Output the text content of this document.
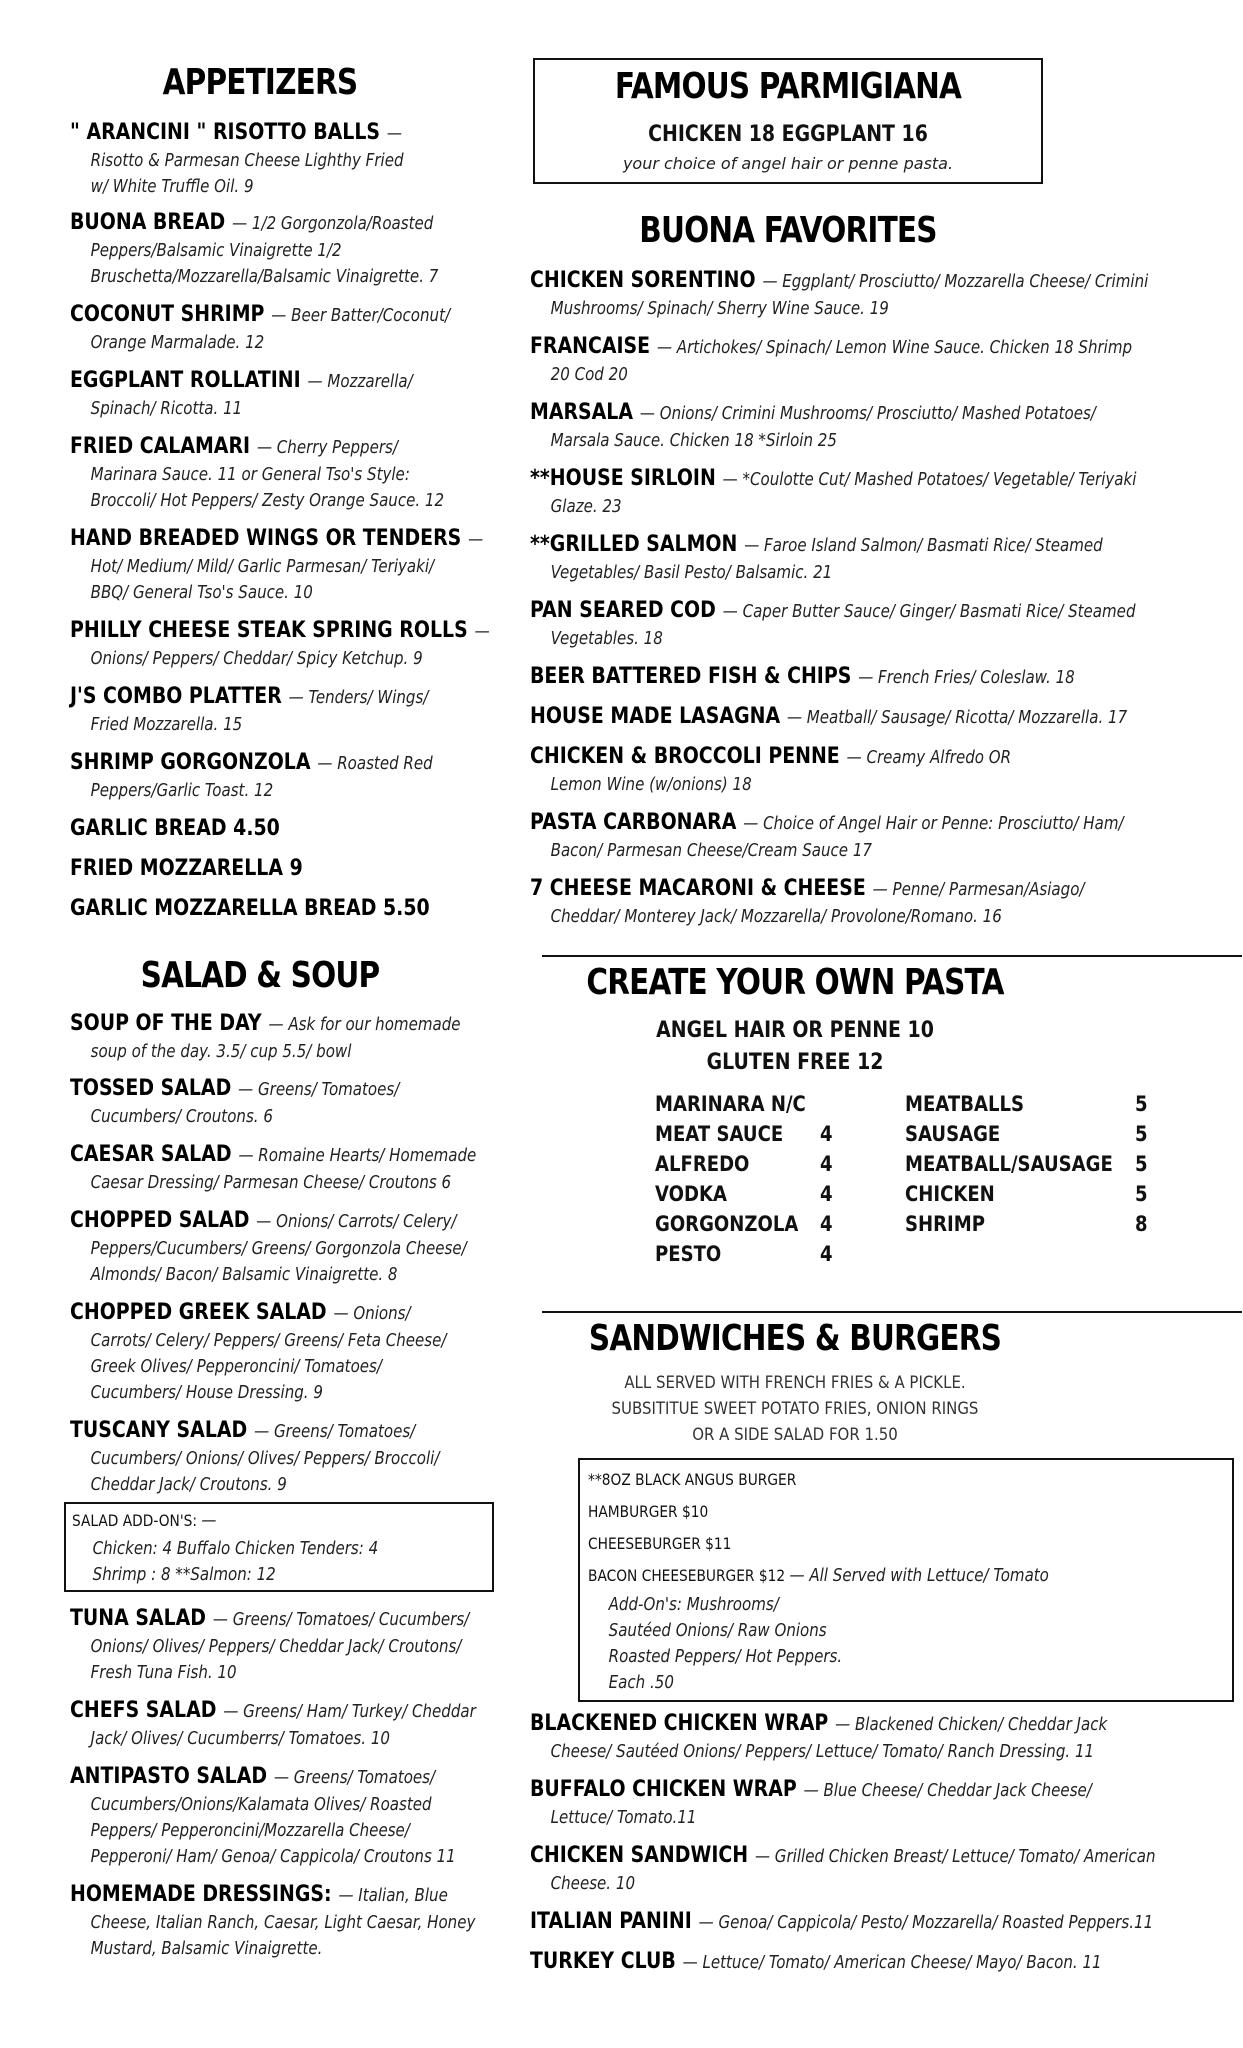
APPETIZERS
" ARANCINI " RISOTTO BALLS —
Risotto & Parmesan Cheese Lighthy Fried
w/ White Truffle Oil. 9
BUONA BREAD — 1/2 Gorgonzola/Roasted
Peppers/Balsamic Vinaigrette 1/2
Bruschetta/Mozzarella/Balsamic Vinaigrette. 7
COCONUT SHRIMP — Beer Batter/Coconut/
Orange Marmalade. 12
EGGPLANT ROLLATINI — Mozzarella/
Spinach/ Ricotta. 11
FRIED CALAMARI — Cherry Peppers/
Marinara Sauce. 11 or General Tso's Style:
Broccoli/ Hot Peppers/ Zesty Orange Sauce. 12
HAND BREADED WINGS OR TENDERS —
Hot/ Medium/ Mild/ Garlic Parmesan/ Teriyaki/
BBQ/ General Tso's Sauce. 10
PHILLY CHEESE STEAK SPRING ROLLS —
Onions/ Peppers/ Cheddar/ Spicy Ketchup. 9
J'S COMBO PLATTER — Tenders/ Wings/
Fried Mozzarella. 15
SHRIMP GORGONZOLA — Roasted Red
Peppers/Garlic Toast. 12
GARLIC BREAD 4.50
FRIED MOZZARELLA 9
GARLIC MOZZARELLA BREAD 5.50
SALAD & SOUP
SOUP OF THE DAY — Ask for our homemade
soup of the day. 3.5/ cup 5.5/ bowl
TOSSED SALAD — Greens/ Tomatoes/
Cucumbers/ Croutons. 6
CAESAR SALAD — Romaine Hearts/ Homemade
Caesar Dressing/ Parmesan Cheese/ Croutons 6
CHOPPED SALAD — Onions/ Carrots/ Celery/
Peppers/Cucumbers/ Greens/ Gorgonzola Cheese/
Almonds/ Bacon/ Balsamic Vinaigrette. 8
CHOPPED GREEK SALAD — Onions/
Carrots/ Celery/ Peppers/ Greens/ Feta Cheese/
Greek Olives/ Pepperoncini/ Tomatoes/
Cucumbers/ House Dressing. 9
TUSCANY SALAD — Greens/ Tomatoes/
Cucumbers/ Onions/ Olives/ Peppers/ Broccoli/
Cheddar Jack/ Croutons. 9
SALAD ADD-ON'S: —
Chicken: 4 Buffalo Chicken Tenders: 4
Shrimp : 8 **Salmon: 12
TUNA SALAD — Greens/ Tomatoes/ Cucumbers/
Onions/ Olives/ Peppers/ Cheddar Jack/ Croutons/
Fresh Tuna Fish. 10
CHEFS SALAD — Greens/ Ham/ Turkey/ Cheddar
Jack/ Olives/ Cucumberrs/ Tomatoes. 10
ANTIPASTO SALAD — Greens/ Tomatoes/
Cucumbers/Onions/Kalamata Olives/ Roasted
Peppers/ Pepperoncini/Mozzarella Cheese/
Pepperoni/ Ham/ Genoa/ Cappicola/ Croutons 11
HOMEMADE DRESSINGS: — Italian, Blue
Cheese, Italian Ranch, Caesar, Light Caesar, Honey
Mustard, Balsamic Vinaigrette.
FAMOUS PARMIGIANA
CHICKEN 18 EGGPLANT 16
your choice of angel hair or penne pasta.
BUONA FAVORITES
CHICKEN SORENTINO — Eggplant/ Prosciutto/ Mozzarella Cheese/ Crimini
Mushrooms/ Spinach/ Sherry Wine Sauce. 19
FRANCAISE — Artichokes/ Spinach/ Lemon Wine Sauce. Chicken 18 Shrimp
20 Cod 20
MARSALA — Onions/ Crimini Mushrooms/ Prosciutto/ Mashed Potatoes/
Marsala Sauce. Chicken 18 *Sirloin 25
**HOUSE SIRLOIN — *Coulotte Cut/ Mashed Potatoes/ Vegetable/ Teriyaki
Glaze. 23
**GRILLED SALMON — Faroe Island Salmon/ Basmati Rice/ Steamed
Vegetables/ Basil Pesto/ Balsamic. 21
PAN SEARED COD — Caper Butter Sauce/ Ginger/ Basmati Rice/ Steamed
Vegetables. 18
BEER BATTERED FISH & CHIPS — French Fries/ Coleslaw. 18
HOUSE MADE LASAGNA — Meatball/ Sausage/ Ricotta/ Mozzarella. 17
CHICKEN & BROCCOLI PENNE — Creamy Alfredo OR
Lemon Wine (w/onions) 18
PASTA CARBONARA — Choice of Angel Hair or Penne: Prosciutto/ Ham/
Bacon/ Parmesan Cheese/Cream Sauce 17
7 CHEESE MACARONI & CHEESE — Penne/ Parmesan/Asiago/
Cheddar/ Monterey Jack/ Mozzarella/ Provolone/Romano. 16
CREATE YOUR OWN PASTA
ANGEL HAIR OR PENNE 10
GLUTEN FREE 12
MARINARA N/C
MEAT SAUCE 4
ALFREDO	4
VODKA	4
GORGONZOLA 4
PESTO	4
MEATBALLS	5
SAUSAGE	5
MEATBALL/SAUSAGE 5
CHICKEN	5
SHRIMP	8
SANDWICHES & BURGERS
ALL SERVED WITH FRENCH FRIES & A PICKLE.
SUBSITITUE SWEET POTATO FRIES, ONION RINGS
OR A SIDE SALAD FOR 1.50
**8OZ BLACK ANGUS BURGER
HAMBURGER $10
CHEESEBURGER $11
BACON CHEESEBURGER $12 — All Served with Lettuce/ Tomato
Add-On's: Mushrooms/
Sautéed Onions/ Raw Onions
Roasted Peppers/ Hot Peppers.
Each .50
BLACKENED CHICKEN WRAP — Blackened Chicken/ Cheddar Jack
Cheese/ Sautéed Onions/ Peppers/ Lettuce/ Tomato/ Ranch Dressing. 11
BUFFALO CHICKEN WRAP — Blue Cheese/ Cheddar Jack Cheese/
Lettuce/ Tomato.11
CHICKEN SANDWICH — Grilled Chicken Breast/ Lettuce/ Tomato/ American
Cheese. 10
ITALIAN PANINI — Genoa/ Cappicola/ Pesto/ Mozzarella/ Roasted Peppers.11
TURKEY CLUB — Lettuce/ Tomato/ American Cheese/ Mayo/ Bacon. 11
